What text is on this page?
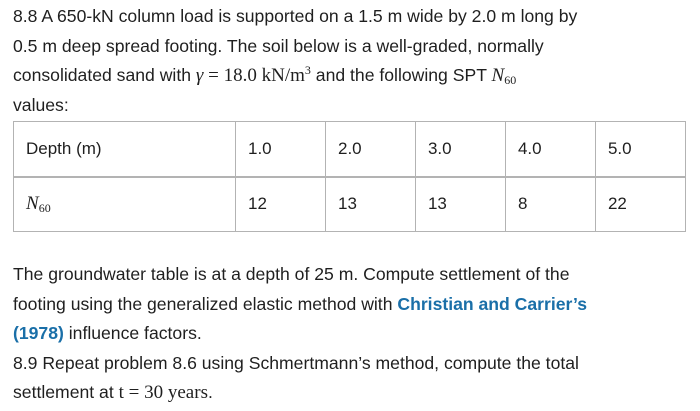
8.8 A 650-kN column load is supported on a 1.5 m wide by 2.0 m long by
0.5 m deep spread footing. The soil below is a well-graded, normally
consolidated sand with γ = 18.0 $kN/m^3$ and the following SPT $N_{60}$
values:
Depth (m)	1.0	2.0	3.0	4.0	5.0
$N_{60}$	12	13	13	8	22
The groundwater table is at a depth of 25 m. Compute settlement of the
footing using the generalized elastic method with Christian and Carrier’s
(1978) influence factors.
8.9 Repeat problem 8.6 using Schmertmann’s method, compute the total
settlement at t = 30 years.
